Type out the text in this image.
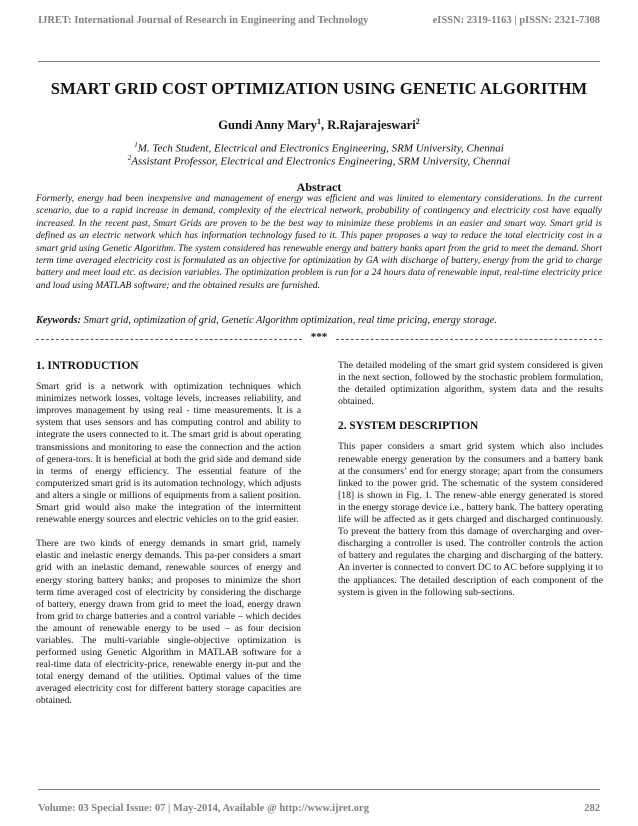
IJRET: International Journal of Research in Engineering and Technology	eISSN: 2319-1163 | pISSN: 2321-7308
SMART GRID COST OPTIMIZATION USING GENETIC ALGORITHM
Gundi Anny Mary$^1$, R.Rajarajeswari$^2$
$^1$M. Tech Student, Electrical and Electronics Engineering, SRM University, Chennai
$^2$Assistant Professor, Electrical and Electronics Engineering, SRM University, Chennai
Abstract
Formerly, energy had been inexpensive and management of energy was efficient and was limited to elementary considerations. In the current scenario, due to a rapid increase in demand, complexity of the electrical network, probability of contingency and electricity cost have equally increased. In the recent past, Smart Grids are proven to be the best way to minimize these problems in an easier and smart way. Smart grid is defined as an electric network which has information technology fused to it. This paper proposes a way to reduce the total electricity cost in a smart grid using Genetic Algorithm. The system considered has renewable energy and battery banks apart from the grid to meet the demand. Short term time averaged electricity cost is formulated as an objective for optimization by GA with discharge of battery, energy from the grid to charge battery and meet load etc. as decision variables. The optimization problem is run for a 24 hours data of renewable input, real-time electricity price and load using MATLAB software; and the obtained results are furnished.
Keywords: Smart grid, optimization of grid, Genetic Algorithm optimization, real time pricing, energy storage.
***
1. INTRODUCTION

Smart grid is a network with optimization techniques which minimizes network losses, voltage levels, increases reliability, and improves management by using real - time measurements. It is a system that uses sensors and has computing control and ability to integrate the users connected to it. The smart grid is about operating transmissions and monitoring to ease the connection and the action of genera-tors. It is beneficial at both the grid side and demand side in terms of energy efficiency. The essential feature of the computerized smart grid is its automation technology, which adjusts and alters a single or millions of equipments from a salient position. Smart grid would also make the integration of the intermittent renewable energy sources and electric vehicles on to the grid easier.

There are two kinds of energy demands in smart grid, namely elastic and inelastic energy demands. This pa-per considers a smart grid with an inelastic demand, renewable sources of energy and energy storing battery banks; and proposes to minimize the short term time averaged cost of electricity by considering the discharge of battery, energy drawn from grid to meet the load, energy drawn from grid to charge batteries and a control variable – which decides the amount of renewable energy to be used – as four decision variables. The multi-variable single-objective optimization is performed using Genetic Algorithm in MATLAB software for a real-time data of electricity-price, renewable energy in-put and the total energy demand of the utilities. Optimal values of the time averaged electricity cost for different battery storage capacities are obtained.

The detailed modeling of the smart grid system considered is given in the next section, followed by the stochastic problem formulation, the detailed optimization algorithm, system data and the results obtained.

2. SYSTEM DESCRIPTION

This paper considers a smart grid system which also includes renewable energy generation by the consumers and a battery bank at the consumers’ end for energy storage; apart from the consumers linked to the power grid. The schematic of the system considered [18] is shown in Fig. 1. The renew-able energy generated is stored in the energy storage device i.e., battery bank. The battery operating life will be affected as it gets charged and discharged continuously. To prevent the battery from this damage of overcharging and over-discharging a controller is used. The controller controls the action of battery and regulates the charging and discharging of the battery. An inverter is connected to convert DC to AC before supplying it to the appliances. The detailed description of each component of the system is given in the following sub-sections.

Volume: 03 Special Issue: 07 | May-2014, Available @ http://www.ijret.org	282
